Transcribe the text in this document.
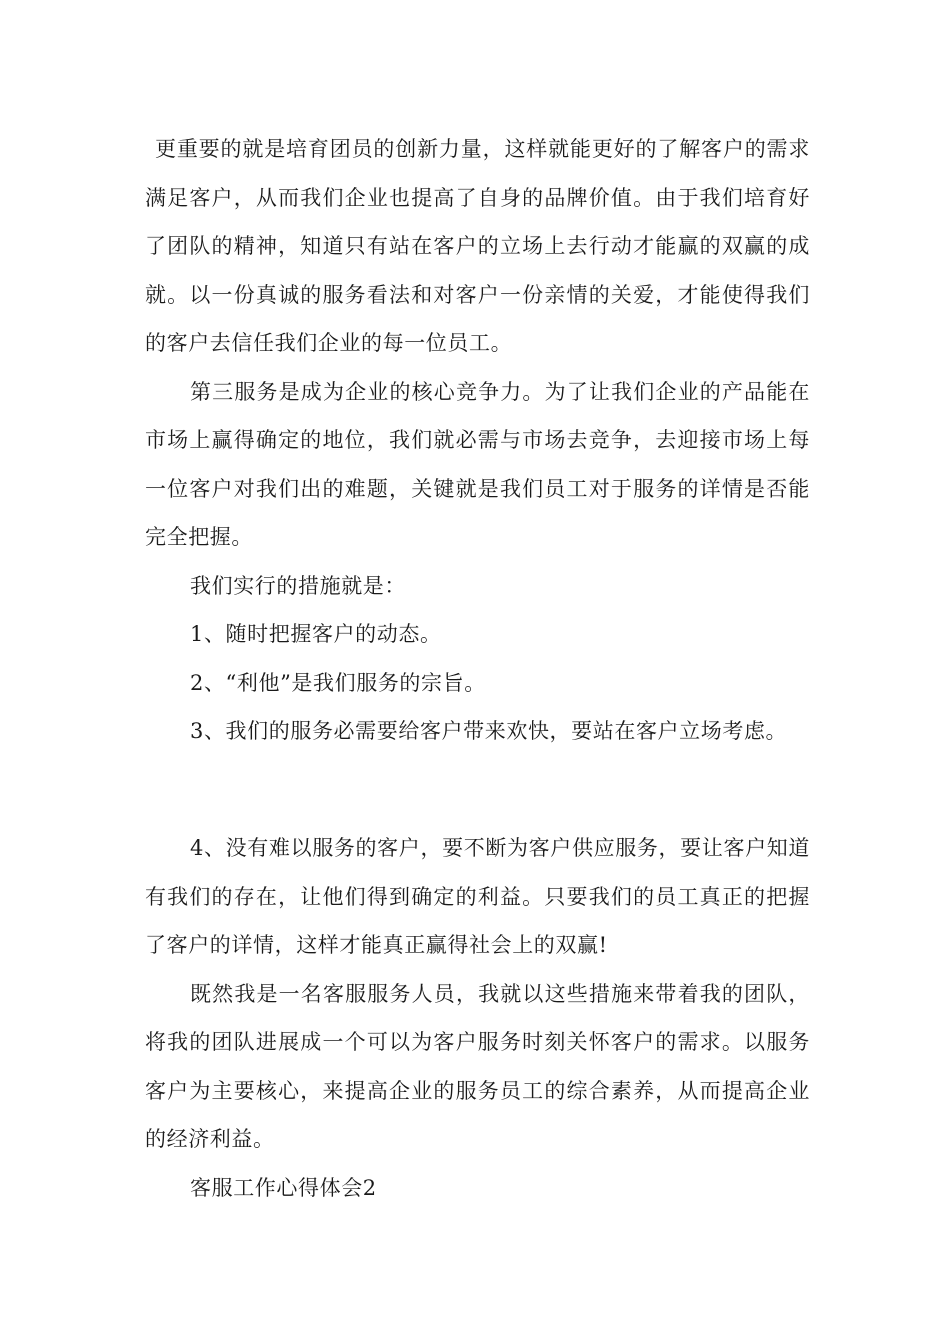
更重要的就是培育团员的创新力量，这样就能更好的了解客户的需求满足客户，从而我们企业也提高了自身的品牌价值。由于我们培育好了团队的精神，知道只有站在客户的立场上去行动才能赢的双赢的成就。以一份真诚的服务看法和对客户一份亲情的关爱，才能使得我们的客户去信任我们企业的每一位员工。

第三服务是成为企业的核心竞争力。为了让我们企业的产品能在市场上赢得确定的地位，我们就必需与市场去竞争，去迎接市场上每一位客户对我们出的难题，关键就是我们员工对于服务的详情是否能完全把握。

我们实行的措施就是：

1、随时把握客户的动态。

2、“利他”是我们服务的宗旨。

3、我们的服务必需要给客户带来欢快，要站在客户立场考虑。

4、没有难以服务的客户，要不断为客户供应服务，要让客户知道有我们的存在，让他们得到确定的利益。只要我们的员工真正的把握了客户的详情，这样才能真正赢得社会上的双赢!

既然我是一名客服服务人员，我就以这些措施来带着我的团队，将我的团队进展成一个可以为客户服务时刻关怀客户的需求。以服务客户为主要核心，来提高企业的服务员工的综合素养，从而提高企业的经济利益。

客服工作心得体会2
